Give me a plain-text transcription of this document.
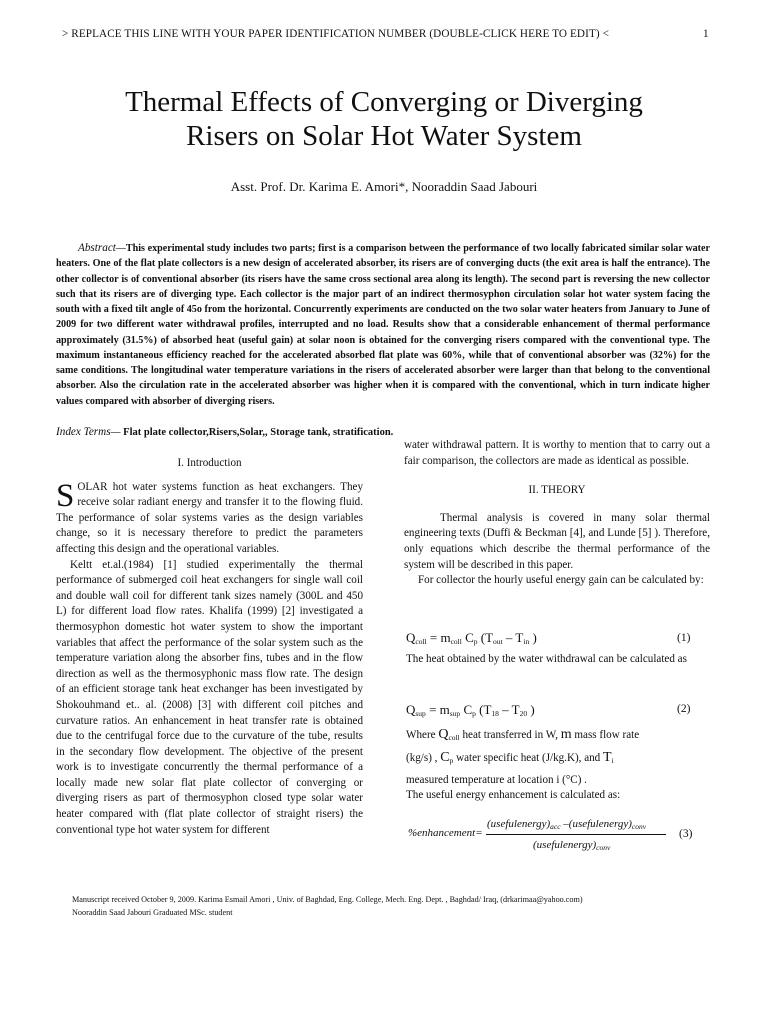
> REPLACE THIS LINE WITH YOUR PAPER IDENTIFICATION NUMBER (DOUBLE-CLICK HERE TO EDIT) <	1
Thermal Effects of Converging or Diverging
Risers on Solar Hot Water System
Asst. Prof. Dr. Karima E. Amori*, Nooraddin Saad Jabouri
Abstract—This experimental study includes two parts; first is a comparison between the performance of two locally fabricated similar solar water heaters. One of the flat plate collectors is a new design of accelerated absorber, its risers are of converging ducts (the exit area is half the entrance). The other collector is of conventional absorber (its risers have the same cross sectional area along its length). The second part is reversing the new collector such that its risers are of diverging type. Each collector is the major part of an indirect thermosyphon circulation solar hot water system facing the south with a fixed tilt angle of 45o from the horizontal. Concurrently experiments are conducted on the two solar water heaters from January to June of 2009 for two different water withdrawal profiles, interrupted and no load. Results show that a considerable enhancement of thermal performance approximately (31.5%) of absorbed heat (useful gain) at solar noon is obtained for the converging risers compared with the conventional type. The maximum instantaneous efficiency reached for the accelerated absorbed flat plate was 60%, while that of conventional absorber was (32%) for the same conditions. The longitudinal water temperature variations in the risers of accelerated absorber were larger than that belong to the conventional absorber. Also the circulation rate in the accelerated absorber was higher when it is compared with the conventional, which in turn indicate higher values compared with absorber of diverging risers.
Index Terms— Flat plate collector,Risers,Solar,, Storage tank, stratification.

I. Introduction

SOLAR hot water systems function as heat exchangers. They receive solar radiant energy and transfer it to the flowing fluid. The performance of solar systems varies as the design variables change, so it is necessary therefore to predict the parameters affecting this design and the operational variables.

Keltt et.al.(1984) [1] studied experimentally the thermal performance of submerged coil heat exchangers for single wall coil and double wall coil for different tank sizes namely (300L and 450 L) for different load flow rates. Khalifa (1999) [2] investigated a thermosyphon domestic hot water system to show the important variables that affect the performance of the solar system such as the temperature variation along the absorber fins, tubes and in the flow direction as well as the thermosyphonic mass flow rate. The design of an efficient storage tank heat exchanger has been investigated by Shokouhmand et.. al. (2008) [3] with different coil pitches and curvature ratios. An enhancement in heat transfer rate is obtained due to the centrifugal force due to the curvature of the tube, results in the secondary flow development. The objective of the present work is to investigate concurrently the thermal performance of a locally made new solar flat plate collector of converging or diverging risers as part of thermosyphon closed type solar water heater compared with (flat plate collector of straight risers) the conventional type hot water system for different

water withdrawal pattern. It is worthy to mention that to carry out a fair comparison, the collectors are made as identical as possible.

II. THEORY

Thermal analysis is covered in many solar thermal engineering texts (Duffi & Beckman [4], and Lunde [5] ). Therefore, only equations which describe the thermal performance of the system will be described in this paper.

For collector the hourly useful energy gain can be calculated by:

$Q_{coll} = m_{coll}$ $C_p$ ($T_{out} - T_{in}$ )	(1)
The heat obtained by the water withdrawal can be calculated as
$Q_{sup} = m_{sup}$ $C_p$ ($T_{18} - T_{20}$ )	(2)
Where $Q_{coll}$ heat transferred in W, m mass flow rate
(kg/s) , $C_p$ water specific heat (J/kg.K), and $T_i$
measured temperature at location i (°C) .
The useful energy enhancement is calculated as:
%enhancement=
$(usefulenergy)_{acc}$ $-(usefulenergy)_{conv}$
$(usefulenergy)_{conv}$
(3)
Manuscript received October 9, 2009. Karima Esmail Amori , Univ. of Baghdad, Eng. College, Mech. Eng. Dept. , Baghdad/ Iraq, (drkarimaa@yahoo.com)
Nooraddin Saad Jabouri Graduated MSc. student
